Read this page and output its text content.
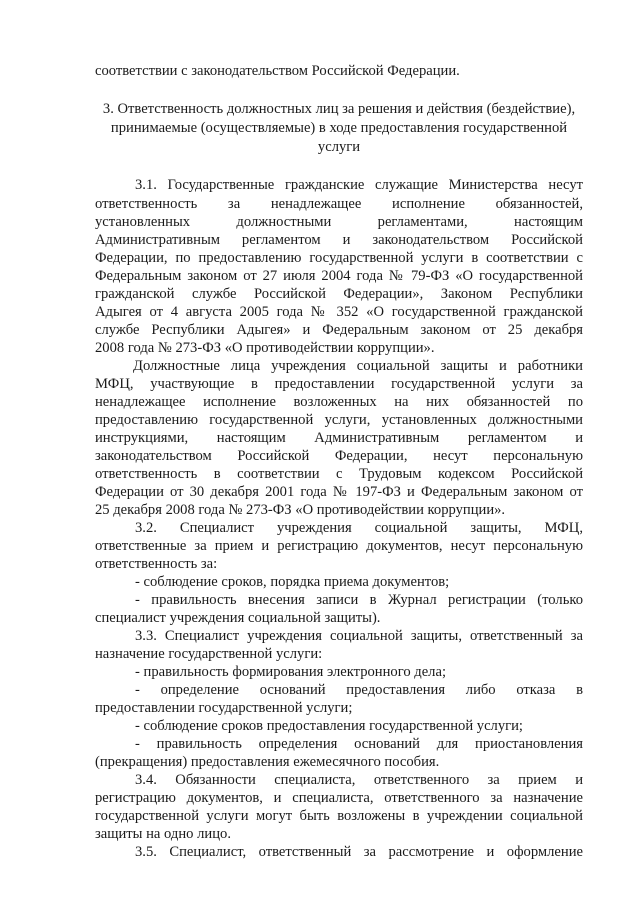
соответствии с законодательством Российской Федерации.
3. Ответственность должностных лиц за решения и действия (бездействие),
принимаемые (осуществляемые) в ходе предоставления государственной
услуги
3.1. Государственные гражданские служащие Министерства несут
ответственность за ненадлежащее исполнение обязанностей,
установленных должностными регламентами, настоящим
Административным регламентом и законодательством Российской
Федерации, по предоставлению государственной услуги в соответствии с
Федеральным законом от 27 июля 2004 года № 79-ФЗ «О государственной
гражданской службе Российской Федерации», Законом Республики
Адыгея от 4 августа 2005 года № 352 «О государственной гражданской
службе Республики Адыгея» и Федеральным законом от 25 декабря
2008 года № 273-ФЗ «О противодействии коррупции».
Должностные лица учреждения социальной защиты и работники
МФЦ, участвующие в предоставлении государственной услуги за
ненадлежащее исполнение возложенных на них обязанностей по
предоставлению государственной услуги, установленных должностными
инструкциями, настоящим Административным регламентом и
законодательством Российской Федерации, несут персональную
ответственность в соответствии с Трудовым кодексом Российской
Федерации от 30 декабря 2001 года № 197-ФЗ и Федеральным законом от
25 декабря 2008 года № 273-ФЗ «О противодействии коррупции».
3.2. Специалист учреждения социальной защиты, МФЦ,
ответственные за прием и регистрацию документов, несут персональную
ответственность за:
- соблюдение сроков, порядка приема документов;
- правильность внесения записи в Журнал регистрации (только
специалист учреждения социальной защиты).
3.3. Специалист учреждения социальной защиты, ответственный за
назначение государственной услуги:
- правильность формирования электронного дела;
- определение оснований предоставления либо отказа в
предоставлении государственной услуги;
- соблюдение сроков предоставления государственной услуги;
- правильность определения оснований для приостановления
(прекращения) предоставления ежемесячного пособия.
3.4. Обязанности специалиста, ответственного за прием и
регистрацию документов, и специалиста, ответственного за назначение
государственной услуги могут быть возложены в учреждении социальной
защиты на одно лицо.
3.5. Специалист, ответственный за рассмотрение и оформление
